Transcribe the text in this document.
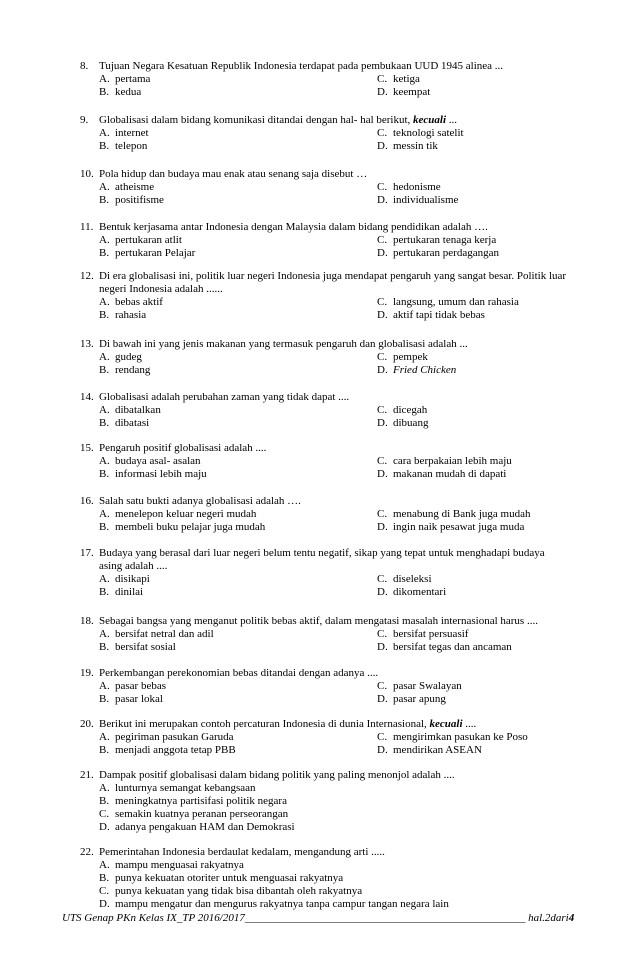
8. Tujuan Negara Kesatuan Republik Indonesia terdapat pada pembukaan UUD 1945 alinea ...
A. pertama	C. ketiga
B. kedua	D. keempat
9. Globalisasi dalam bidang komunikasi ditandai dengan hal- hal berikut, kecuali ...
A. internet	C. teknologi satelit
B. telepon	D. messin tik
10. Pola hidup dan budaya mau enak atau senang saja disebut …
A. atheisme	C. hedonisme
B. positifisme	D. individualisme
11. Bentuk kerjasama antar Indonesia dengan Malaysia dalam bidang pendidikan adalah ….
A. pertukaran atlit	C. pertukaran tenaga kerja
B. pertukaran Pelajar	D. pertukaran perdagangan
12. Di era globalisasi ini, politik luar negeri Indonesia juga mendapat pengaruh yang sangat besar. Politik luar negeri Indonesia adalah ......
A. bebas aktif	C. langsung, umum dan rahasia
B. rahasia	D. aktif tapi tidak bebas
13. Di bawah ini yang jenis makanan yang termasuk pengaruh dan globalisasi adalah ...
A. gudeg	C. pempek
B. rendang	D. Fried Chicken
14. Globalisasi adalah perubahan zaman yang tidak dapat ....
A. dibatalkan	C. dicegah
B. dibatasi	D. dibuang
15. Pengaruh positif globalisasi adalah ....
A. budaya asal- asalan	C. cara berpakaian lebih maju
B. informasi lebih maju	D. makanan mudah di dapati
16. Salah satu bukti adanya globalisasi adalah ….
A. menelepon keluar negeri mudah	C. menabung di Bank juga mudah
B. membeli buku pelajar juga mudah	D. ingin naik pesawat juga muda
17. Budaya yang berasal dari luar negeri belum tentu negatif, sikap yang tepat untuk menghadapi budaya asing adalah ....
A. disikapi	C. diseleksi
B. dinilai	D. dikomentari
18. Sebagai bangsa yang menganut politik bebas aktif, dalam mengatasi masalah internasional harus ....
A. bersifat netral dan adil	C. bersifat persuasif
B. bersifat sosial	D. bersifat tegas dan ancaman
19. Perkembangan perekonomian bebas ditandai dengan adanya ....
A. pasar bebas	C. pasar Swalayan
B. pasar lokal	D. pasar apung
20. Berikut ini merupakan contoh percaturan Indonesia di dunia Internasional, kecuali ....
A. pegiriman pasukan Garuda	C. mengirimkan pasukan ke Poso
B. menjadi anggota tetap PBB	D. mendirikan ASEAN
21. Dampak positif globalisasi dalam bidang politik yang paling menonjol adalah ....
A. lunturnya semangat kebangsaan
B. meningkatnya partisifasi politik negara
C. semakin kuatnya peranan perseorangan
D. adanya pengakuan HAM dan Demokrasi
22. Pemerintahan Indonesia berdaulat kedalam, mengandung arti .....
A. mampu menguasai rakyatnya
B. punya kekuatan otoriter untuk menguasai rakyatnya
C. punya kekuatan yang tidak bisa dibantah oleh rakyatnya
D. mampu mengatur dan mengurus rakyatnya tanpa campur tangan negara lain
UTS Genap PKn Kelas IX_TP 2016/2017___________________________________________________ hal.2dari4
